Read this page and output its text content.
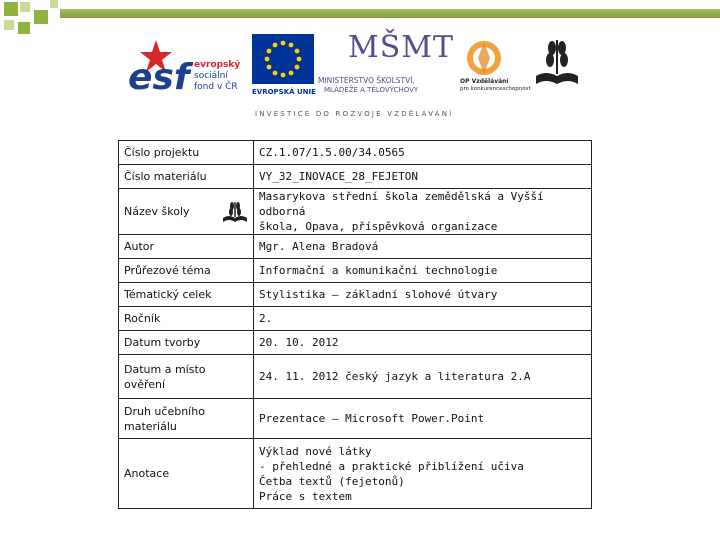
esf evropský
sociální
fond v ČR EVROPSKÁ UNIE
MŠMT
MINISTERSTVO ŠKOLSTVÍ,
MLÁDEŽE A TĚLOVÝCHOVY
OP Vzdělávání
pro konkurenceschopnost
INVESTICE DO ROZVOJE VZDĚLÁVÁNÍ
Číslo projektu	CZ.1.07/1.5.00/34.0565
Číslo materiálu	VY_32_INOVACE_28_FEJETON

Název školy	Masarykova střední škola zemědělská a Vyšší odborná
škola, Opava, příspěvková organizace

Autor	Mgr. Alena Bradová
Průřezové téma	Informační a komunikační technologie
Tématický celek	Stylistika – základní slohové útvary
Ročník	2.
Datum tvorby	20. 10. 2012
Datum a místo ověření	24. 11. 2012 český jazyk a literatura 2.A
Druh učebního materiálu	Prezentace – Microsoft Power.Point
Anotace	Výklad nové látky
- přehledné a praktické přiblížení učiva
Četba textů (fejetonů)
Práce s textem
